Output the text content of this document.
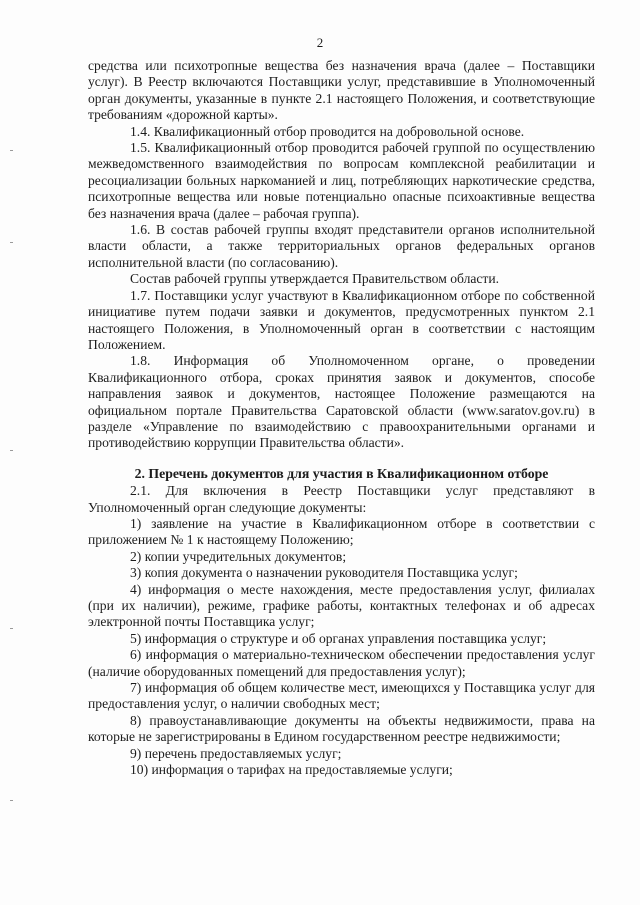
2

средства или психотропные вещества без назначения врача (далее – Поставщики услуг). В Реестр включаются Поставщики услуг, представившие в Уполномоченный орган документы, указанные в пункте 2.1 настоящего Положения, и соответствующие требованиям «дорожной карты».

1.4. Квалификационный отбор проводится на добровольной основе.

1.5. Квалификационный отбор проводится рабочей группой по осуществлению межведомственного взаимодействия по вопросам комплексной реабилитации и ресоциализации больных наркоманией и лиц, потребляющих наркотические средства, психотропные вещества или новые потенциально опасные психоактивные вещества без назначения врача (далее – рабочая группа).

1.6. В состав рабочей группы входят представители органов исполнительной власти области, а также территориальных органов федеральных органов исполнительной власти (по согласованию).

Состав рабочей группы утверждается Правительством области.

1.7. Поставщики услуг участвуют в Квалификационном отборе по собственной инициативе путем подачи заявки и документов, предусмотренных пунктом 2.1 настоящего Положения, в Уполномоченный орган в соответствии с настоящим Положением.

1.8. Информация об Уполномоченном органе, о проведении Квалификационного отбора, сроках принятия заявок и документов, способе направления заявок и документов, настоящее Положение размещаются на официальном портале Правительства Саратовской области (www.saratov.gov.ru) в разделе «Управление по взаимодействию с правоохранительными органами и противодействию коррупции Правительства области».

2. Перечень документов для участия в Квалификационном отборе

2.1. Для включения в Реестр Поставщики услуг представляют в Уполномоченный орган следующие документы:

1) заявление на участие в Квалификационном отборе в соответствии с приложением № 1 к настоящему Положению;

2) копии учредительных документов;

3) копия документа о назначении руководителя Поставщика услуг;

4) информация о месте нахождения, месте предоставления услуг, филиалах (при их наличии), режиме, графике работы, контактных телефонах и об адресах электронной почты Поставщика услуг;

5) информация о структуре и об органах управления поставщика услуг;

6) информация о материально-техническом обеспечении предоставления услуг (наличие оборудованных помещений для предоставления услуг);

7) информация об общем количестве мест, имеющихся у Поставщика услуг для предоставления услуг, о наличии свободных мест;

8) правоустанавливающие документы на объекты недвижимости, права на которые не зарегистрированы в Едином государственном реестре недвижимости;

9) перечень предоставляемых услуг;

10) информация о тарифах на предоставляемые услуги;
